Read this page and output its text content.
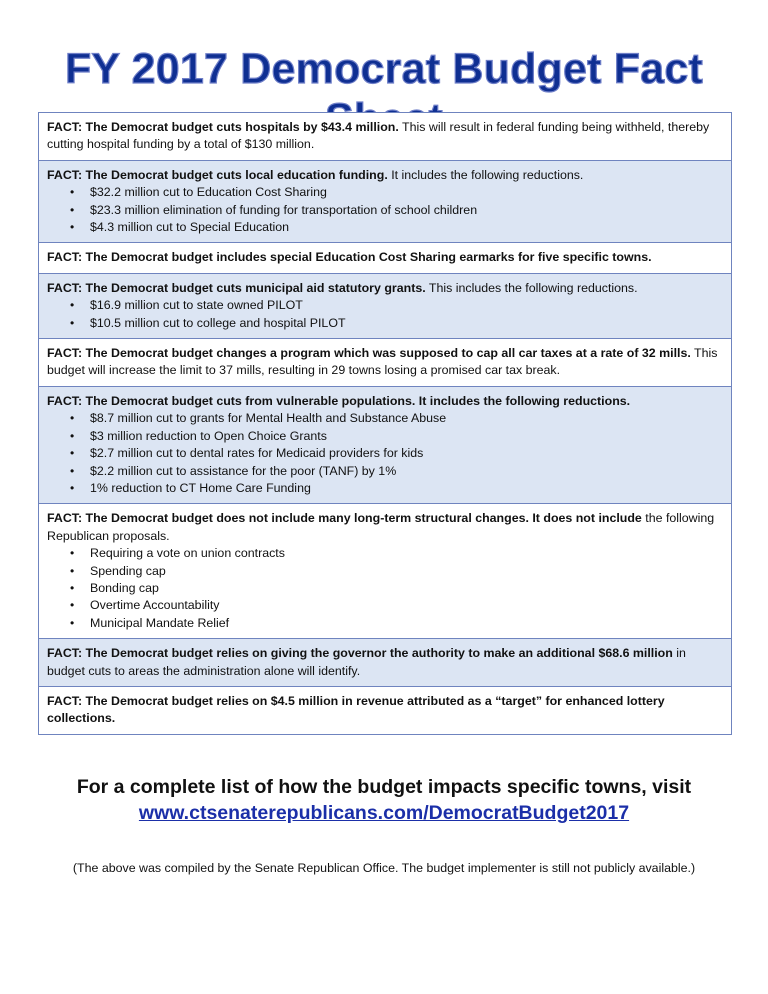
FY 2017 Democrat Budget Fact
FACT: The Democrat budget cuts hospitals by $43.4 million. This will result in federal funding being withheld, thereby cutting hospital funding by a total of $130 million.
FACT: The Democrat budget cuts local education funding. It includes the following reductions.
• $32.2 million cut to Education Cost Sharing
• $23.3 million elimination of funding for transportation of school children
• $4.3 million cut to Special Education
FACT: The Democrat budget includes special Education Cost Sharing earmarks for five specific towns.
FACT: The Democrat budget cuts municipal aid statutory grants. This includes the following reductions.
• $16.9 million cut to state owned PILOT
• $10.5 million cut to college and hospital PILOT
FACT: The Democrat budget changes a program which was supposed to cap all car taxes at a rate of 32 mills. This budget will increase the limit to 37 mills, resulting in 29 towns losing a promised car tax break.
FACT: The Democrat budget cuts from vulnerable populations. It includes the following reductions.
• $8.7 million cut to grants for Mental Health and Substance Abuse
• $3 million reduction to Open Choice Grants
• $2.7 million cut to dental rates for Medicaid providers for kids
• $2.2 million cut to assistance for the poor (TANF) by 1%
• 1% reduction to CT Home Care Funding
FACT: The Democrat budget does not include many long-term structural changes. It does not include the following Republican proposals.
• Requiring a vote on union contracts
• Spending cap
• Bonding cap
• Overtime Accountability
• Municipal Mandate Relief
FACT: The Democrat budget relies on giving the governor the authority to make an additional $68.6 million in budget cuts to areas the administration alone will identify.
FACT: The Democrat budget relies on $4.5 million in revenue attributed as a “target” for enhanced lottery collections.
For a complete list of how the budget impacts specific towns, visit
www.ctsenaterepublicans.com/DemocratBudget2017
(The above was compiled by the Senate Republican Office. The budget implementer is still not publicly available.)
